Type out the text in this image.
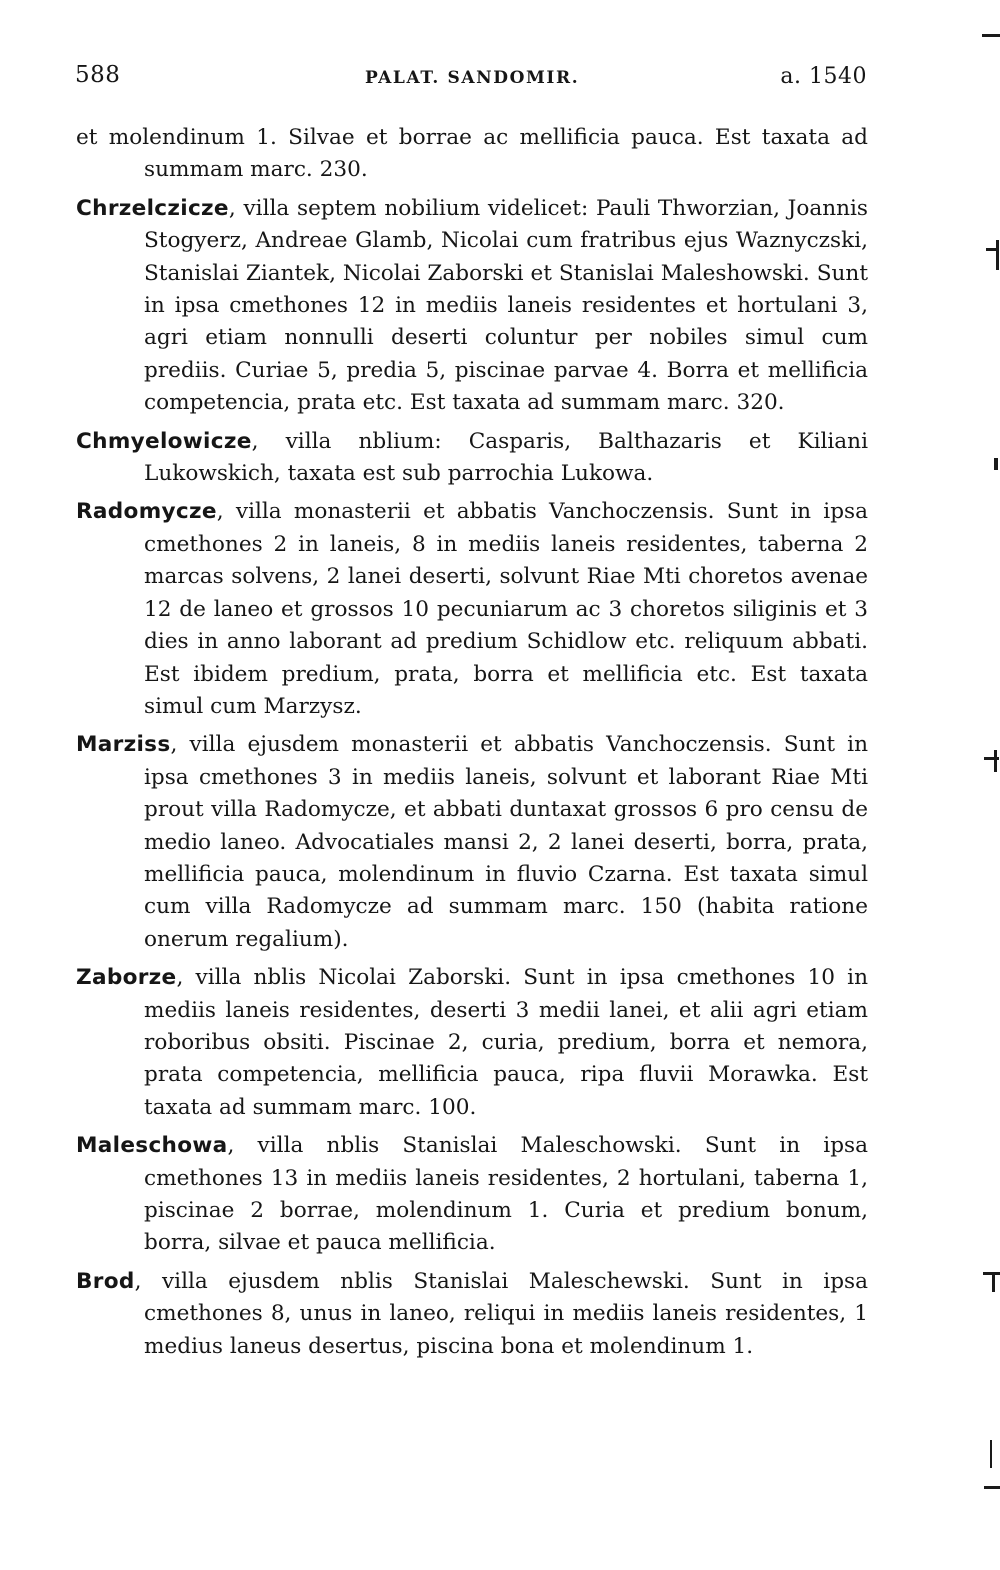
588	PALAT. SANDOMIR.	a. 1540

et molendinum 1. Silvae et borrae ac mellificia pauca. Est taxata ad summam marc. 230.

Chrzelczicze, villa septem nobilium videlicet: Pauli Thworzian, Joannis Stogyerz, Andreae Glamb, Nicolai cum fratribus ejus Waznyczski, Stanislai Ziantek, Nicolai Zaborski et Stanislai Maleshowski. Sunt in ipsa cmethones 12 in mediis laneis residentes et hortulani 3, agri etiam nonnulli deserti coluntur per nobiles simul cum prediis. Curiae 5, predia 5, piscinae parvae 4. Borra et mellificia competencia, prata etc. Est taxata ad summam marc. 320.

Chmyelowicze, villa nblium: Casparis, Balthazaris et Kiliani Lukowskich, taxata est sub parrochia Lukowa.

Radomycze, villa monasterii et abbatis Vanchoczensis. Sunt in ipsa cmethones 2 in laneis, 8 in mediis laneis residentes, taberna 2 marcas solvens, 2 lanei deserti, solvunt Riae Mti choretos avenae 12 de laneo et grossos 10 pecuniarum ac 3 choretos siliginis et 3 dies in anno laborant ad predium Schidlow etc. reliquum abbati. Est ibidem predium, prata, borra et mellificia etc. Est taxata simul cum Marzysz.

Marziss, villa ejusdem monasterii et abbatis Vanchoczensis. Sunt in ipsa cmethones 3 in mediis laneis, solvunt et laborant Riae Mti prout villa Radomycze, et abbati duntaxat grossos 6 pro censu de medio laneo. Advocatiales mansi 2, 2 lanei deserti, borra, prata, mellificia pauca, molendinum in fluvio Czarna. Est taxata simul cum villa Radomycze ad summam marc. 150 (habita ratione onerum regalium).

Zaborze, villa nblis Nicolai Zaborski. Sunt in ipsa cmethones 10 in mediis laneis residentes, deserti 3 medii lanei, et alii agri etiam roboribus obsiti. Piscinae 2, curia, predium, borra et nemora, prata competencia, mellificia pauca, ripa fluvii Morawka. Est taxata ad summam marc. 100.

Maleschowa, villa nblis Stanislai Maleschowski. Sunt in ipsa cmethones 13 in mediis laneis residentes, 2 hortulani, taberna 1, piscinae 2 borrae, molendinum 1. Curia et predium bonum, borra, silvae et pauca mellificia.

Brod, villa ejusdem nblis Stanislai Maleschewski. Sunt in ipsa cmethones 8, unus in laneo, reliqui in mediis laneis residentes, 1 medius laneus desertus, piscina bona et molendinum 1.
